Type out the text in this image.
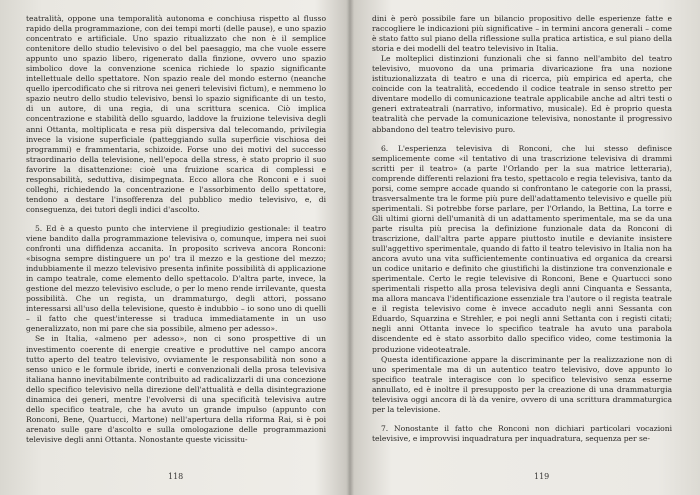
teatralità, oppone una temporalità autonoma e conchiusa rispetto al flusso rapido della programmazione, con dei tempi morti (delle pause), e uno spazio concentrato e artificiale. Uno spazio ritualizzato che non è il semplice contenitore dello studio televisivo o del bel paesaggio, ma che vuole essere appunto uno spazio libero, rigenerato dalla finzione, ovvero uno spazio simbolico dove la convenzione scenica richiede lo spazio significante intellettuale dello spettatore. Non spazio reale del mondo esterno (neanche quello ipercodificato che si ritrova nei generi televisivi fictum), e nemmeno lo spazio neutro dello studio televisivo, bensì lo spazio significante di un testo, di un autore, di una regia, di una scrittura scenica. Ciò implica concentrazione e stabilità dello sguardo, laddove la fruizione televisiva degli anni Ottanta, moltiplicata e resa più dispersiva dal telecomando, privilegia invece la visione superficiale (patteggiando sulla superficie vischiosa dei programmi) e frammentaria, schizoide. Forse uno dei motivi del successo straordinario della televisione, nell'epoca della stress, è stato proprio il suo favorire la disattenzione: cioè una fruizione scarica di complessi e responsabilità, seduttiva, disimpegnata. Ecco allora che Ronconi e i suoi colleghi, richiedendo la concentrazione e l'assorbimento dello spettatore, tendono a destare l'insofferenza del pubblico medio televisivo, e, di conseguenza, dei tutori degli indici d'ascolto.

5. Ed è a questo punto che interviene il pregiudizio gestionale: il teatro viene bandito dalla programmazione televisiva o, comunque, impera nei suoi confronti una diffidenza accanita. In proposito scriveva ancora Ronconi: «bisogna sempre distinguere un po' tra il mezzo e la gestione del mezzo; indubbiamente il mezzo televisivo presenta infinite possibilità di applicazione in campo teatrale, come elemento dello spettacolo. D'altra parte, invece, la gestione del mezzo televisivo esclude, o per lo meno rende irrilevante, questa possibilità. Che un regista, un drammaturgo, degli attori, possano interessarsi all'uso della televisione, questo è indubbio – io sono uno di quelli – il fatto che quest'interesse si traduca immediatamente in un uso generalizzato, non mi pare che sia possibile, almeno per adesso».

Se in Italia, «almeno per adesso», non ci sono prospettive di un investimento coerente di energie creative e produttive nel campo ancora tutto aperto del teatro televisivo, ovviamente le responsabilità non sono a senso unico e le formule ibride, inerti e convenzionali della prosa televisiva italiana hanno inevitabilmente contribuito ad radicalizzarli di una concezione dello specifico televisivo nella direzione dell'attualità e della disintegrazione dinamica dei generi, mentre l'evolversi di una specificità televisiva autre dello specifico teatrale, che ha avuto un grande impulso (appunto con Ronconi, Bene, Quartucci, Martone) nell'apertura della riforma Rai, si è poi arenato sulle gare d'ascolto e sulla omologazione delle programmazioni televisive degli anni Ottanta. Nonostante queste vicissitu-

118

dini è però possibile fare un bilancio propositivo delle esperienze fatte e raccogliere le indicazioni più significative – in termini ancora generali – come è stato fatto sul piano della riflessione sulla pratica artistica, e sul piano della storia e dei modelli del teatro televisivo in Italia.

Le molteplici distinzioni funzionali che si fanno nell'ambito del teatro televisivo, muovono da una primaria divaricazione fra una nozione istituzionalizzata di teatro e una di ricerca, più empirica ed aperta, che coincide con la teatralità, eccedendo il codice teatrale in senso stretto per diventare modello di comunicazione teatrale applicabile anche ad altri testi o generi extrateatrali (narrativo, informativo, musicale). Ed è proprio questa teatralità che pervade la comunicazione televisiva, nonostante il progressivo abbandono del teatro televisivo puro.

6. L'esperienza televisiva di Ronconi, che lui stesso definisce semplicemente come «il tentativo di una trascrizione televisiva di drammi scritti per il teatro» (a parte l'Orlando per la sua matrice letteraria), comprende differenti relazioni fra testo, spettacolo e regia televisiva, tanto da porsi, come sempre accade quando si confrontano le categorie con la prassi, trasversalmente tra le forme più pure dell'adattamento televisivo e quelle più sperimentali. Si potrebbe forse parlare, per l'Orlando, la Bettina, La torre e Gli ultimi giorni dell'umanità di un adattamento sperimentale, ma se da una parte risulta più precisa la definizione funzionale data da Ronconi di trascrizione, dall'altra parte appare piuttosto inutile e devianite insistere sull'aggettivo sperimentale, quando di fatto il teatro televisivo in Italia non ha ancora avuto una vita sufficientemente continuativa ed organica da crearsi un codice unitario e definito che giustifichi la distinzione tra convenzionale e sperimentale. Certo le regie televisive di Ronconi, Bene e Quartucci sono sperimentali rispetto alla prosa televisiva degli anni Cinquanta e Sessanta, ma allora mancava l'identificazione essenziale tra l'autore o il regista teatrale e il regista televisivo come è invece accaduto negli anni Sessanta con Eduardo, Squarzina e Strehler, e poi negli anni Settanta con i registi citati; negli anni Ottanta invece lo specifico teatrale ha avuto una parabola discendente ed è stato assorbito dallo specifico video, come testimonia la produzione videoteatrale.

Questa identificazione appare la discriminante per la realizzazione non di uno sperimentale ma di un autentico teatro televisivo, dove appunto lo specifico teatrale interagisce con lo specifico televisivo senza esserne annullato, ed è inoltre il presupposto per la creazione di una drammaturgia televisiva oggi ancora di là da venire, ovvero di una scrittura drammaturgica per la televisione.

7. Nonostante il fatto che Ronconi non dichiari particolari vocazioni televisive, e improvvisi inquadratura per inquadratura, sequenza per se-

119
